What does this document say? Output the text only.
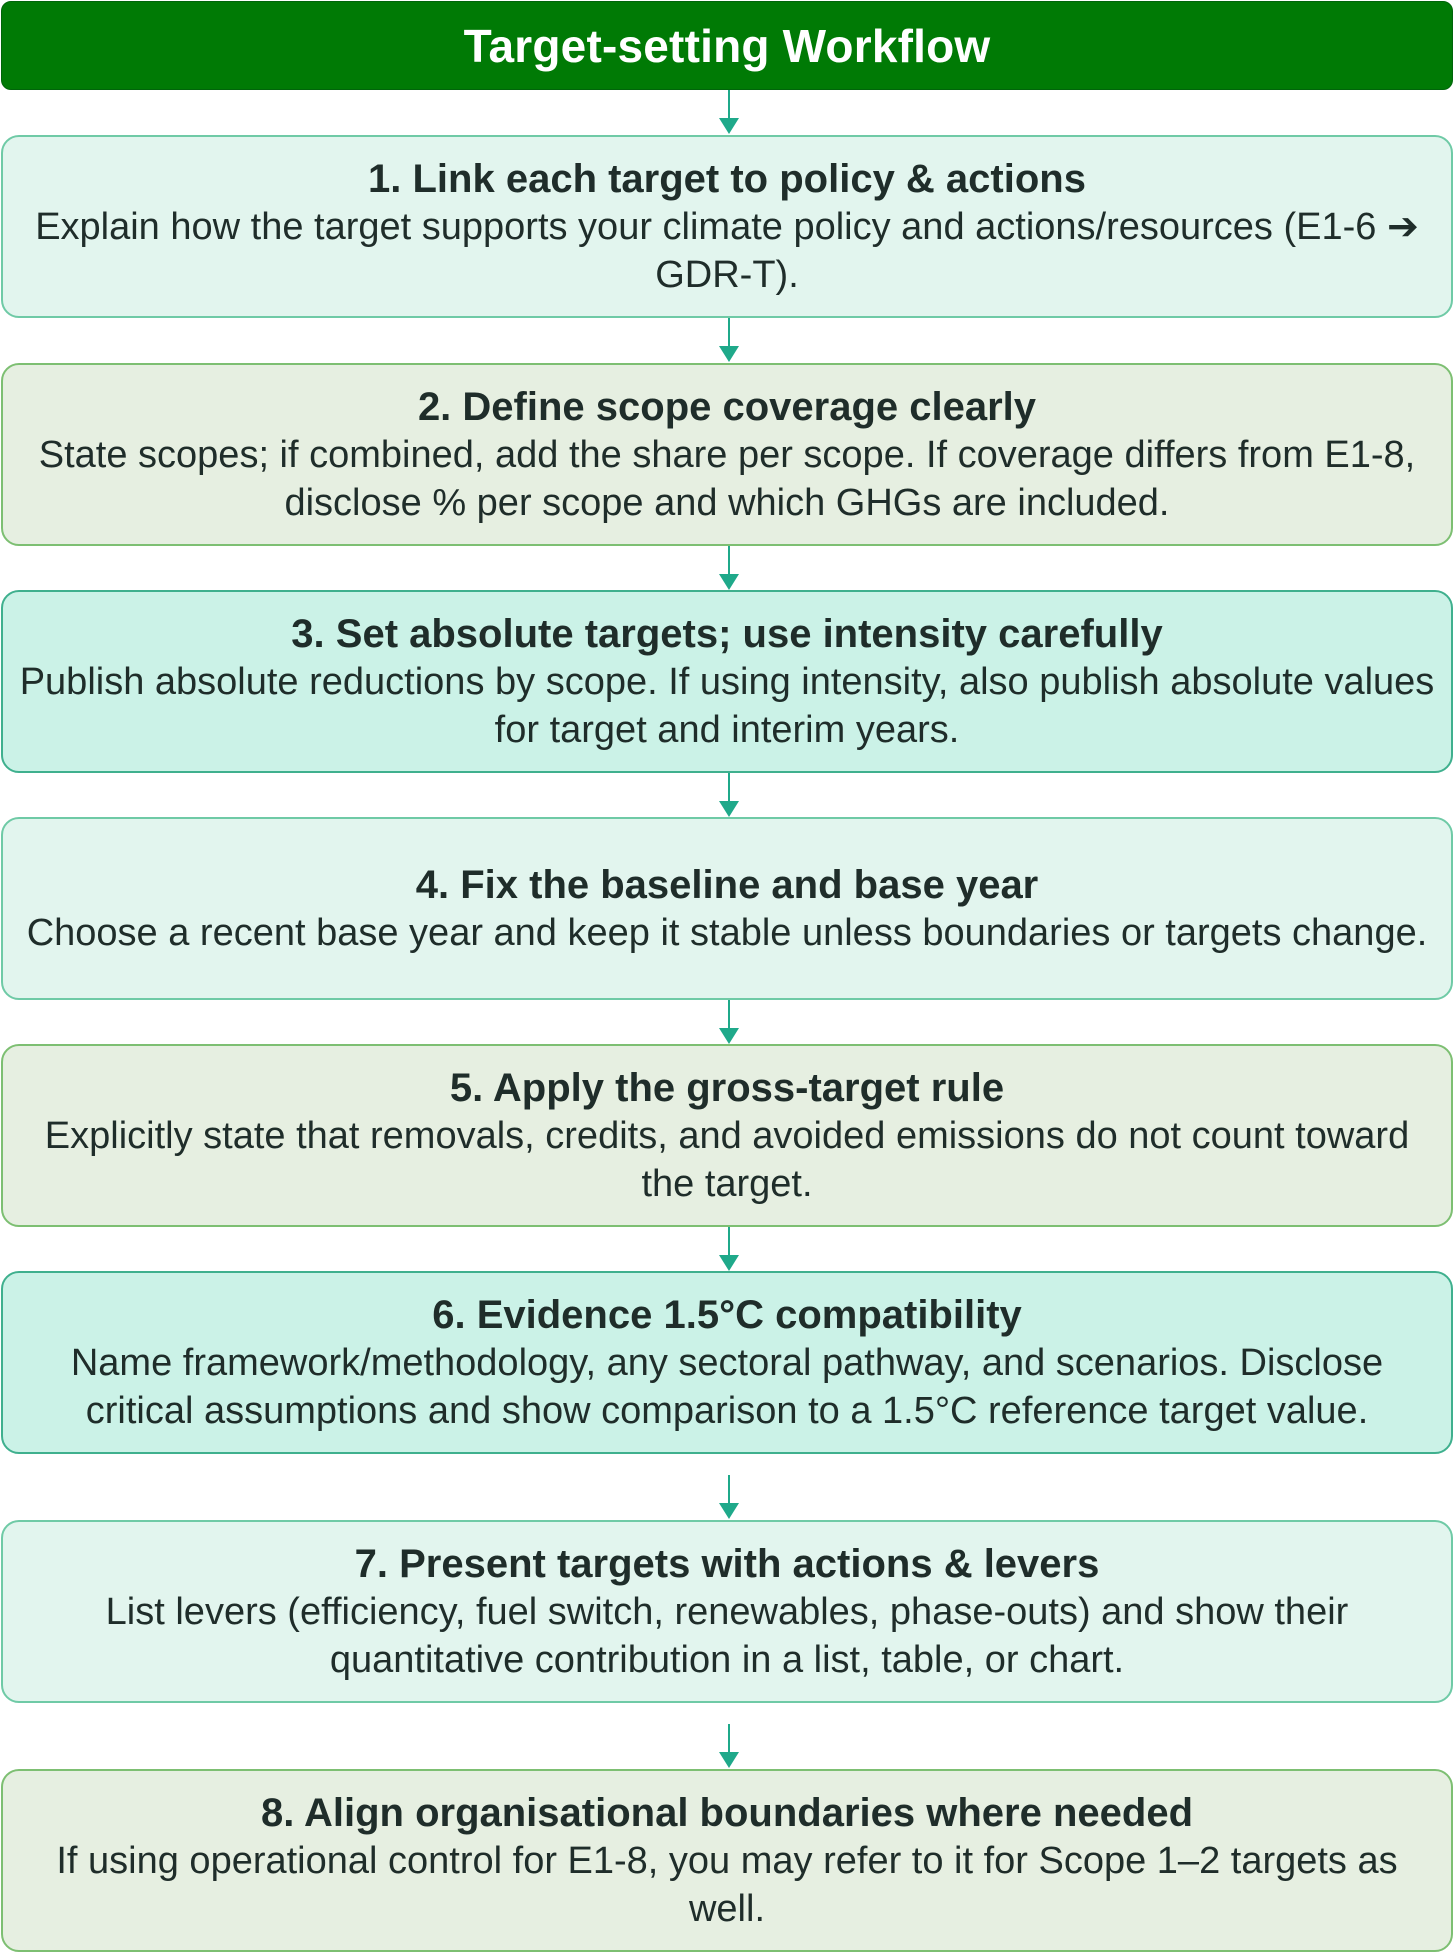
Target-setting Workflow
1. Link each target to policy & actions
Explain how the target supports your climate policy and actions/resources (E1-6 ➔ GDR-T).
2. Define scope coverage clearly
State scopes; if combined, add the share per scope. If coverage differs from E1-8, disclose % per scope and which GHGs are included.
3. Set absolute targets; use intensity carefully
Publish absolute reductions by scope. If using intensity, also publish absolute values for target and interim years.
4. Fix the baseline and base year
Choose a recent base year and keep it stable unless boundaries or targets change.
5. Apply the gross-target rule
Explicitly state that removals, credits, and avoided emissions do not count toward the target.
6. Evidence 1.5°C compatibility
Name framework/methodology, any sectoral pathway, and scenarios. Disclose critical assumptions and show comparison to a 1.5°C reference target value.
7. Present targets with actions & levers
List levers (efficiency, fuel switch, renewables, phase-outs) and show their quantitative contribution in a list, table, or chart.
8. Align organisational boundaries where needed
If using operational control for E1-8, you may refer to it for Scope 1–2 targets as well.
